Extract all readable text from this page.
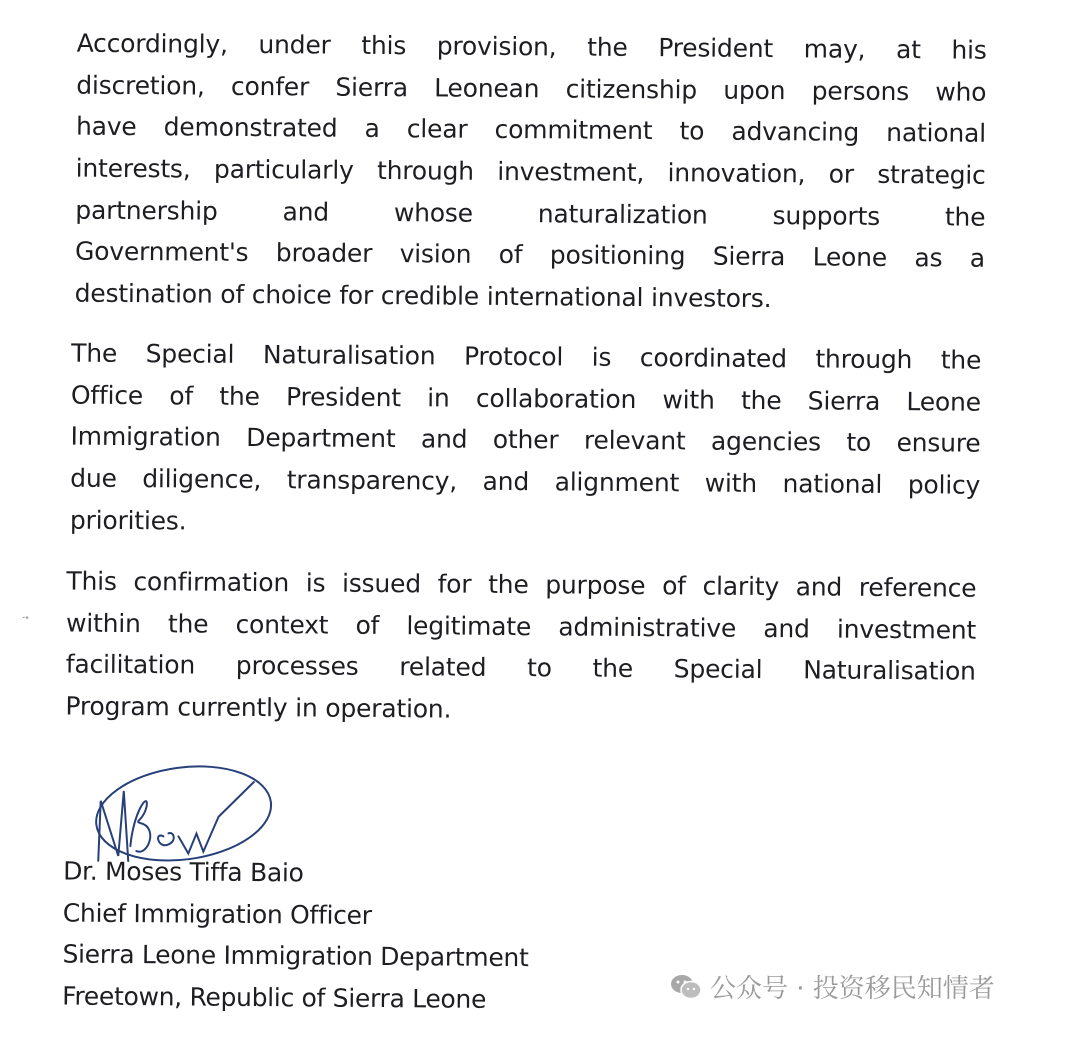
Accordingly, under this provision, the President may, at his
discretion, confer Sierra Leonean citizenship upon persons who
have demonstrated a clear commitment to advancing national
interests, particularly through investment, innovation, or strategic
partnership and whose naturalization supports the
Government's broader vision of positioning Sierra Leone as a
destination of choice for credible international investors.
The Special Naturalisation Protocol is coordinated through the
Office of the President in collaboration with the Sierra Leone
Immigration Department and other relevant agencies to ensure
due diligence, transparency, and alignment with national policy
priorities.
This confirmation is issued for the purpose of clarity and reference
within the context of legitimate administrative and investment
facilitation processes related to the Special Naturalisation
Program currently in operation.
Dr. Moses Tiffa Baio
Chief Immigration Officer
Sierra Leone Immigration Department
Freetown, Republic of Sierra Leone
˗˖
公众号 · 投资移民知情者
